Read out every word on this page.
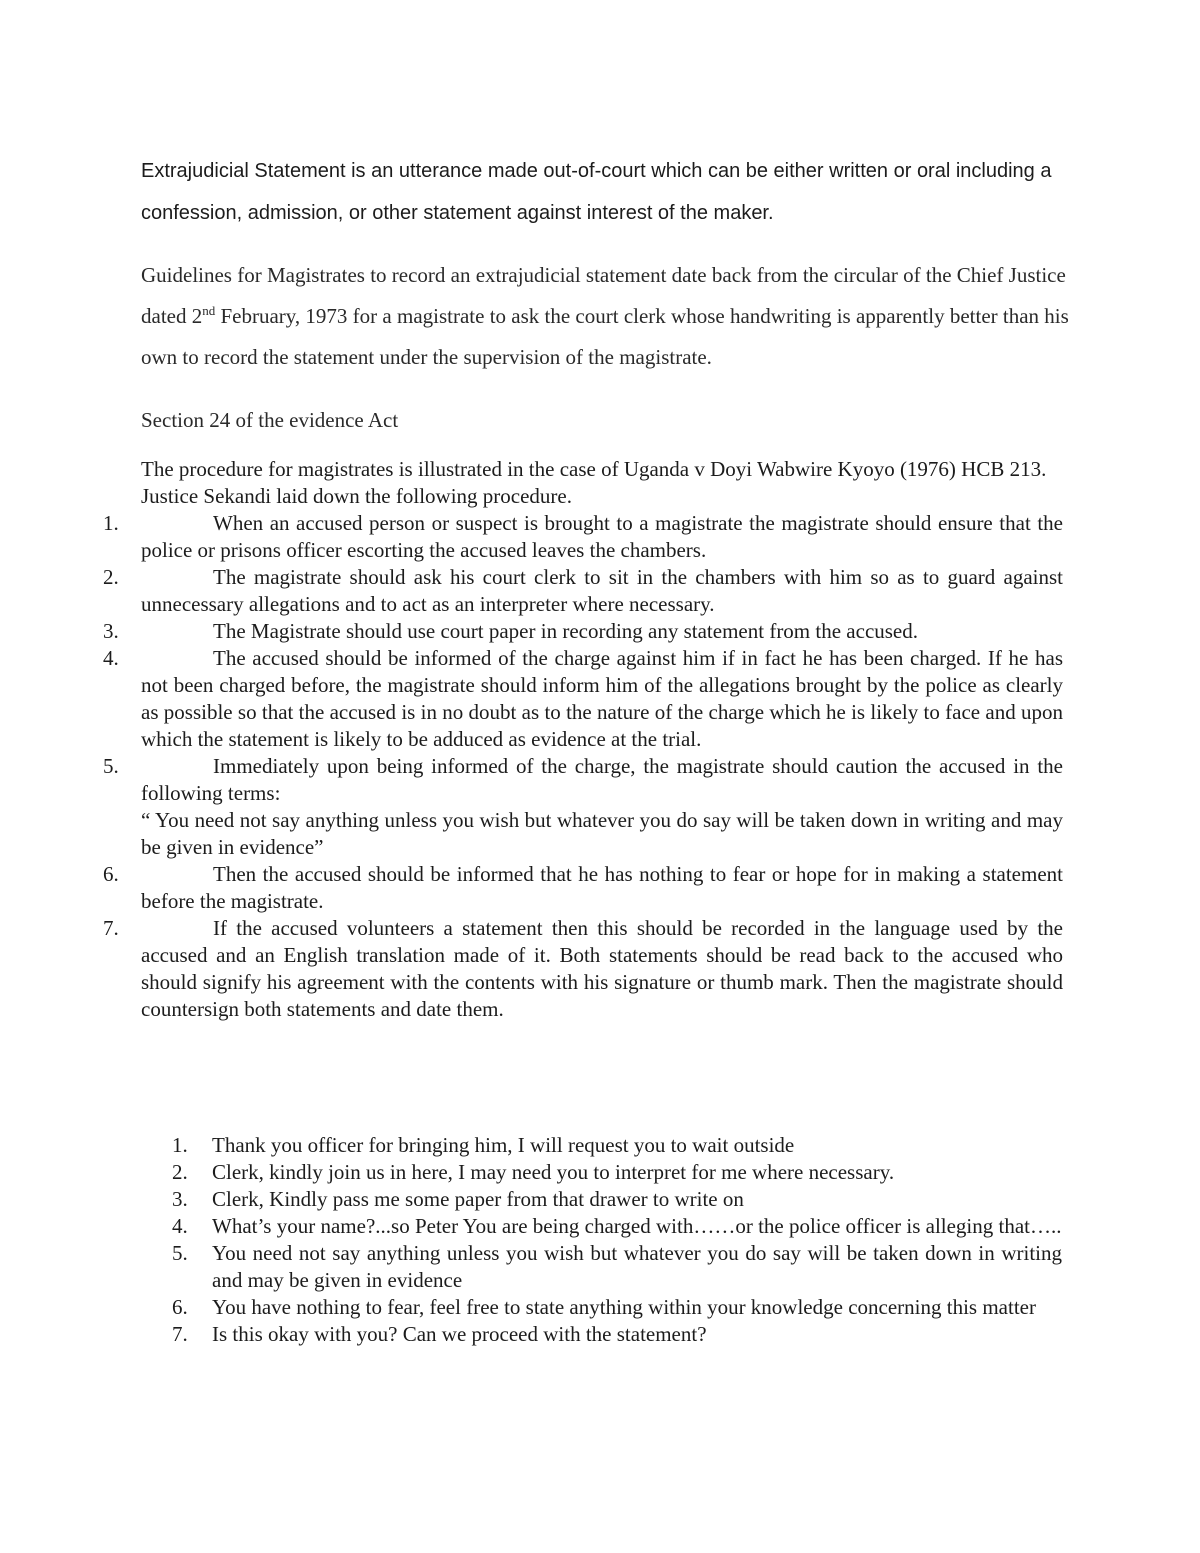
Extrajudicial Statement is an utterance made out-of-court which can be either written or oral including a confession, admission, or other statement against interest of the maker.
Guidelines for Magistrates to record an extrajudicial statement date back from the circular of the Chief Justice dated 2nd February, 1973 for a magistrate to ask the court clerk whose handwriting is apparently better than his own to record the statement under the supervision of the magistrate.
Section 24 of the evidence Act
The procedure for magistrates is illustrated in the case of Uganda v Doyi Wabwire Kyoyo (1976) HCB 213. Justice Sekandi laid down the following procedure.
1.	When an accused person or suspect is brought to a magistrate the magistrate should ensure that the police or prisons officer escorting the accused leaves the chambers.
2.	The magistrate should ask his court clerk to sit in the chambers with him so as to guard against unnecessary allegations and to act as an interpreter where necessary.
3.	The Magistrate should use court paper in recording any statement from the accused.
4.	The accused should be informed of the charge against him if in fact he has been charged. If he has not been charged before, the magistrate should inform him of the allegations brought by the police as clearly as possible so that the accused is in no doubt as to the nature of the charge which he is likely to face and upon which the statement is likely to be adduced as evidence at the trial.
5.	Immediately upon being informed of the charge, the magistrate should caution the accused in the following terms:
“ You need not say anything unless you wish but whatever you do say will be taken down in writing and may be given in evidence”
6.	Then the accused should be informed that he has nothing to fear or hope for in making a statement before the magistrate.
7.	If the accused volunteers a statement then this should be recorded in the language used by the accused and an English translation made of it. Both statements should be read back to the accused who should signify his agreement with the contents with his signature or thumb mark. Then the magistrate should countersign both statements and date them.
1. Thank you officer for bringing him, I will request you to wait outside
2. Clerk, kindly join us in here, I may need you to interpret for me where necessary.
3. Clerk, Kindly pass me some paper from that drawer to write on
4. What’s your name?...so Peter You are being charged with……or the police officer is alleging that…..
5. You need not say anything unless you wish but whatever you do say will be taken down in writing and may be given in evidence
6. You have nothing to fear, feel free to state anything within your knowledge concerning this matter
7. Is this okay with you? Can we proceed with the statement?
